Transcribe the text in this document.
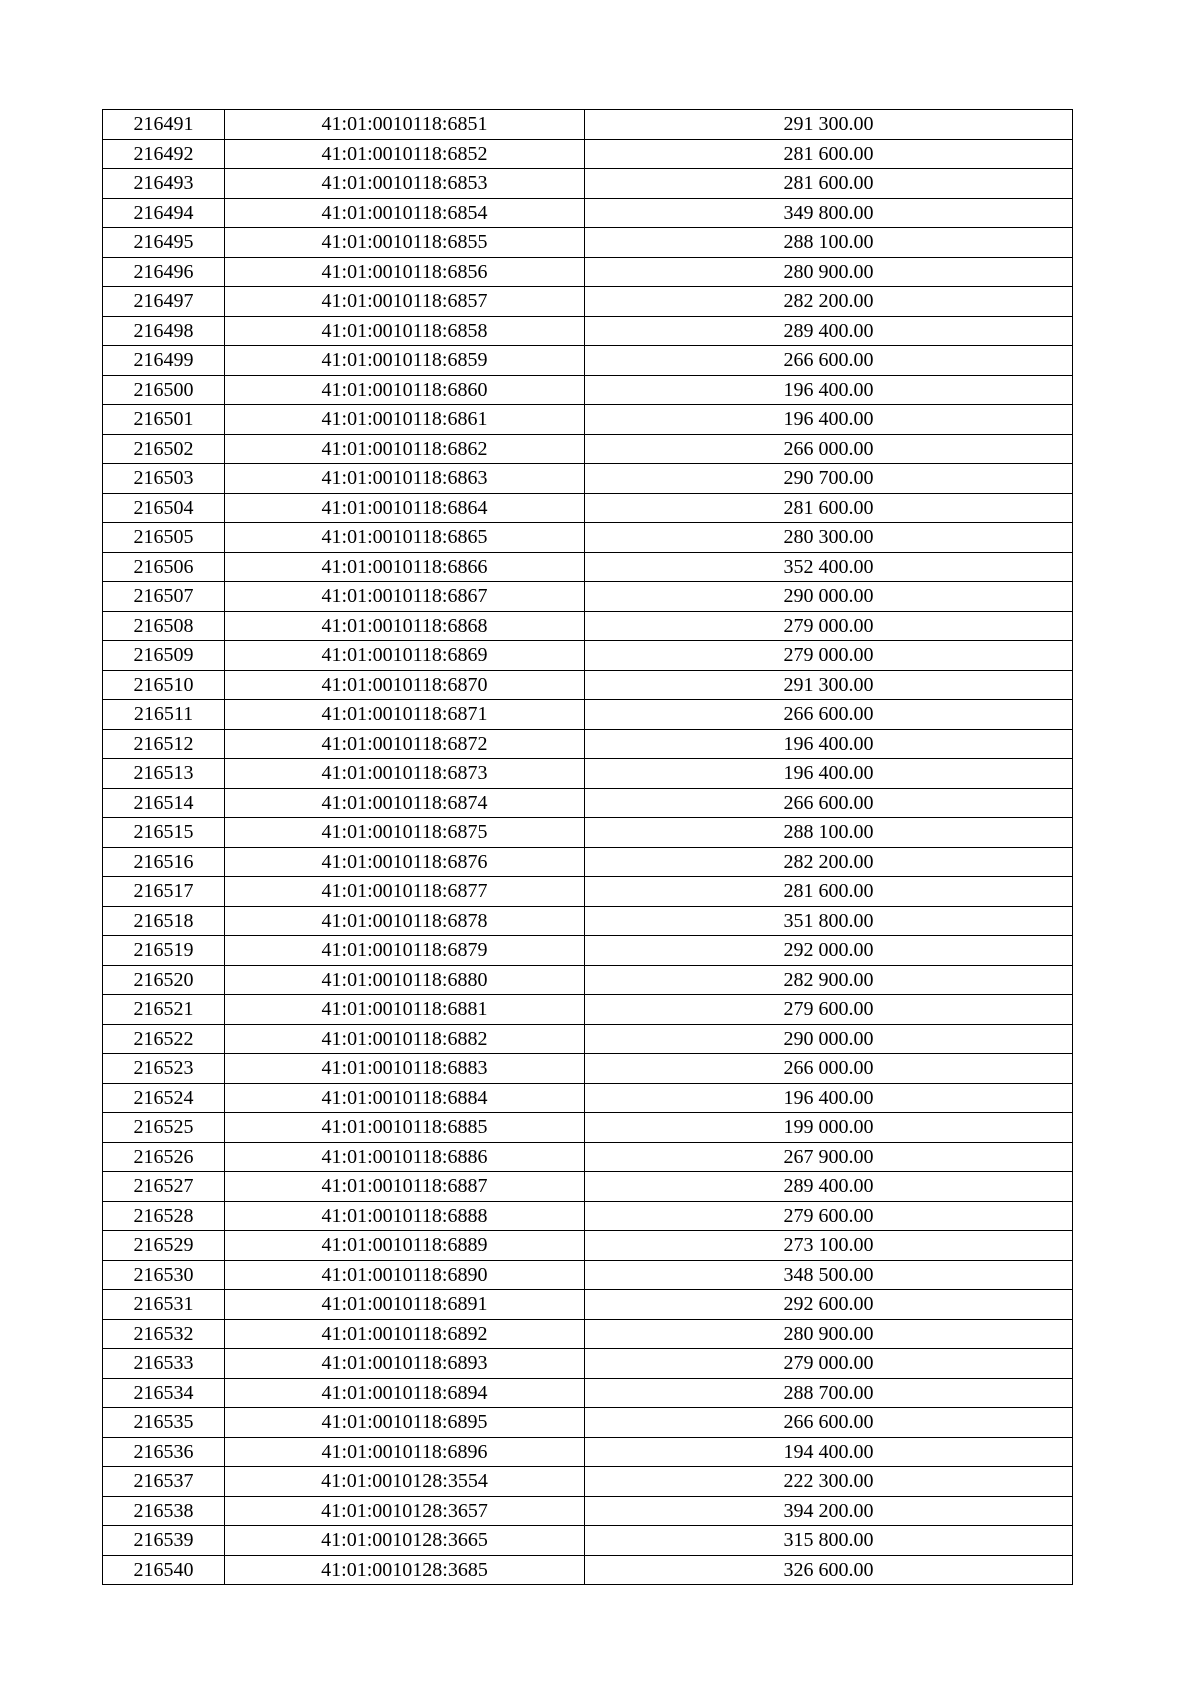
216491	41:01:0010118:6851	291 300.00
216492	41:01:0010118:6852	281 600.00
216493	41:01:0010118:6853	281 600.00
216494	41:01:0010118:6854	349 800.00
216495	41:01:0010118:6855	288 100.00
216496	41:01:0010118:6856	280 900.00
216497	41:01:0010118:6857	282 200.00
216498	41:01:0010118:6858	289 400.00
216499	41:01:0010118:6859	266 600.00
216500	41:01:0010118:6860	196 400.00
216501	41:01:0010118:6861	196 400.00
216502	41:01:0010118:6862	266 000.00
216503	41:01:0010118:6863	290 700.00
216504	41:01:0010118:6864	281 600.00
216505	41:01:0010118:6865	280 300.00
216506	41:01:0010118:6866	352 400.00
216507	41:01:0010118:6867	290 000.00
216508	41:01:0010118:6868	279 000.00
216509	41:01:0010118:6869	279 000.00
216510	41:01:0010118:6870	291 300.00
216511	41:01:0010118:6871	266 600.00
216512	41:01:0010118:6872	196 400.00
216513	41:01:0010118:6873	196 400.00
216514	41:01:0010118:6874	266 600.00
216515	41:01:0010118:6875	288 100.00
216516	41:01:0010118:6876	282 200.00
216517	41:01:0010118:6877	281 600.00
216518	41:01:0010118:6878	351 800.00
216519	41:01:0010118:6879	292 000.00
216520	41:01:0010118:6880	282 900.00
216521	41:01:0010118:6881	279 600.00
216522	41:01:0010118:6882	290 000.00
216523	41:01:0010118:6883	266 000.00
216524	41:01:0010118:6884	196 400.00
216525	41:01:0010118:6885	199 000.00
216526	41:01:0010118:6886	267 900.00
216527	41:01:0010118:6887	289 400.00
216528	41:01:0010118:6888	279 600.00
216529	41:01:0010118:6889	273 100.00
216530	41:01:0010118:6890	348 500.00
216531	41:01:0010118:6891	292 600.00
216532	41:01:0010118:6892	280 900.00
216533	41:01:0010118:6893	279 000.00
216534	41:01:0010118:6894	288 700.00
216535	41:01:0010118:6895	266 600.00
216536	41:01:0010118:6896	194 400.00
216537	41:01:0010128:3554	222 300.00
216538	41:01:0010128:3657	394 200.00
216539	41:01:0010128:3665	315 800.00
216540	41:01:0010128:3685	326 600.00
